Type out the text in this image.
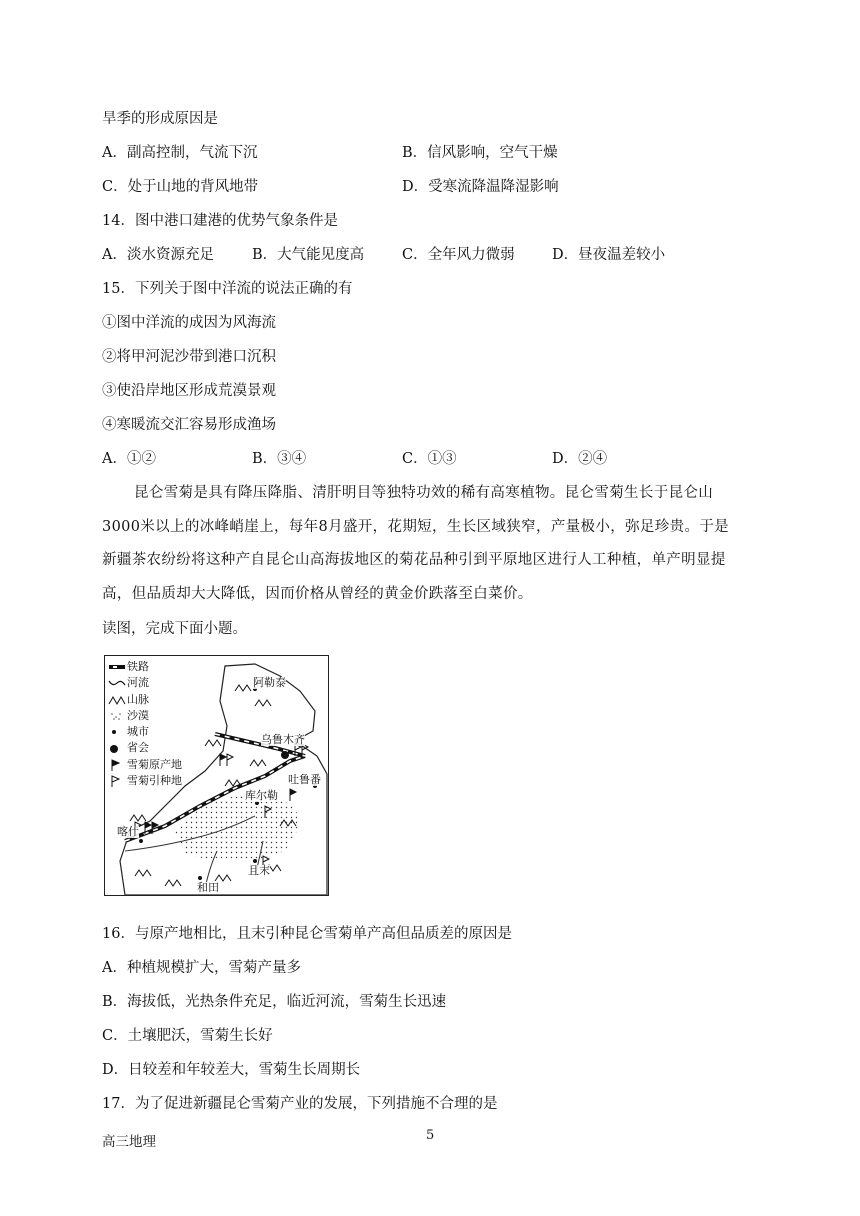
旱季的形成原因是
A．副高控制，气流下沉	B．信风影响，空气干燥
C．处于山地的背风地带	D．受寒流降温降湿影响
14．图中港口建港的优势气象条件是
A．淡水资源充足	B．大气能见度高	C．全年风力微弱	D．昼夜温差较小
15．下列关于图中洋流的说法正确的有
①图中洋流的成因为风海流
②将甲河泥沙带到港口沉积
③使沿岸地区形成荒漠景观
④寒暖流交汇容易形成渔场
A．①②	B．③④	C．①③	D．②④
昆仑雪菊是具有降压降脂、清肝明目等独特功效的稀有高寒植物。昆仑雪菊生长于昆仑山3000米以上的冰峰峭崖上，每年8月盛开，花期短，生长区域狭窄，产量极小，弥足珍贵。于是新疆茶农纷纷将这种产自昆仑山高海拔地区的菊花品种引到平原地区进行人工种植，单产明显提高，但品质却大大降低，因而价格从曾经的黄金价跌落至白菜价。
读图，完成下面小题。
铁路
河流
山脉
沙漠
城市
省会
雪菊原产地
雪菊引种地
阿勒泰
乌鲁木齐
吐鲁番
库尔勒
喀什
且末
和田
16．与原产地相比，且末引种昆仑雪菊单产高但品质差的原因是
A．种植规模扩大，雪菊产量多
B．海拔低，光热条件充足，临近河流，雪菊生长迅速
C．土壤肥沃，雪菊生长好
D．日较差和年较差大，雪菊生长周期长
17．为了促进新疆昆仑雪菊产业的发展，下列措施不合理的是
高三地理	5
